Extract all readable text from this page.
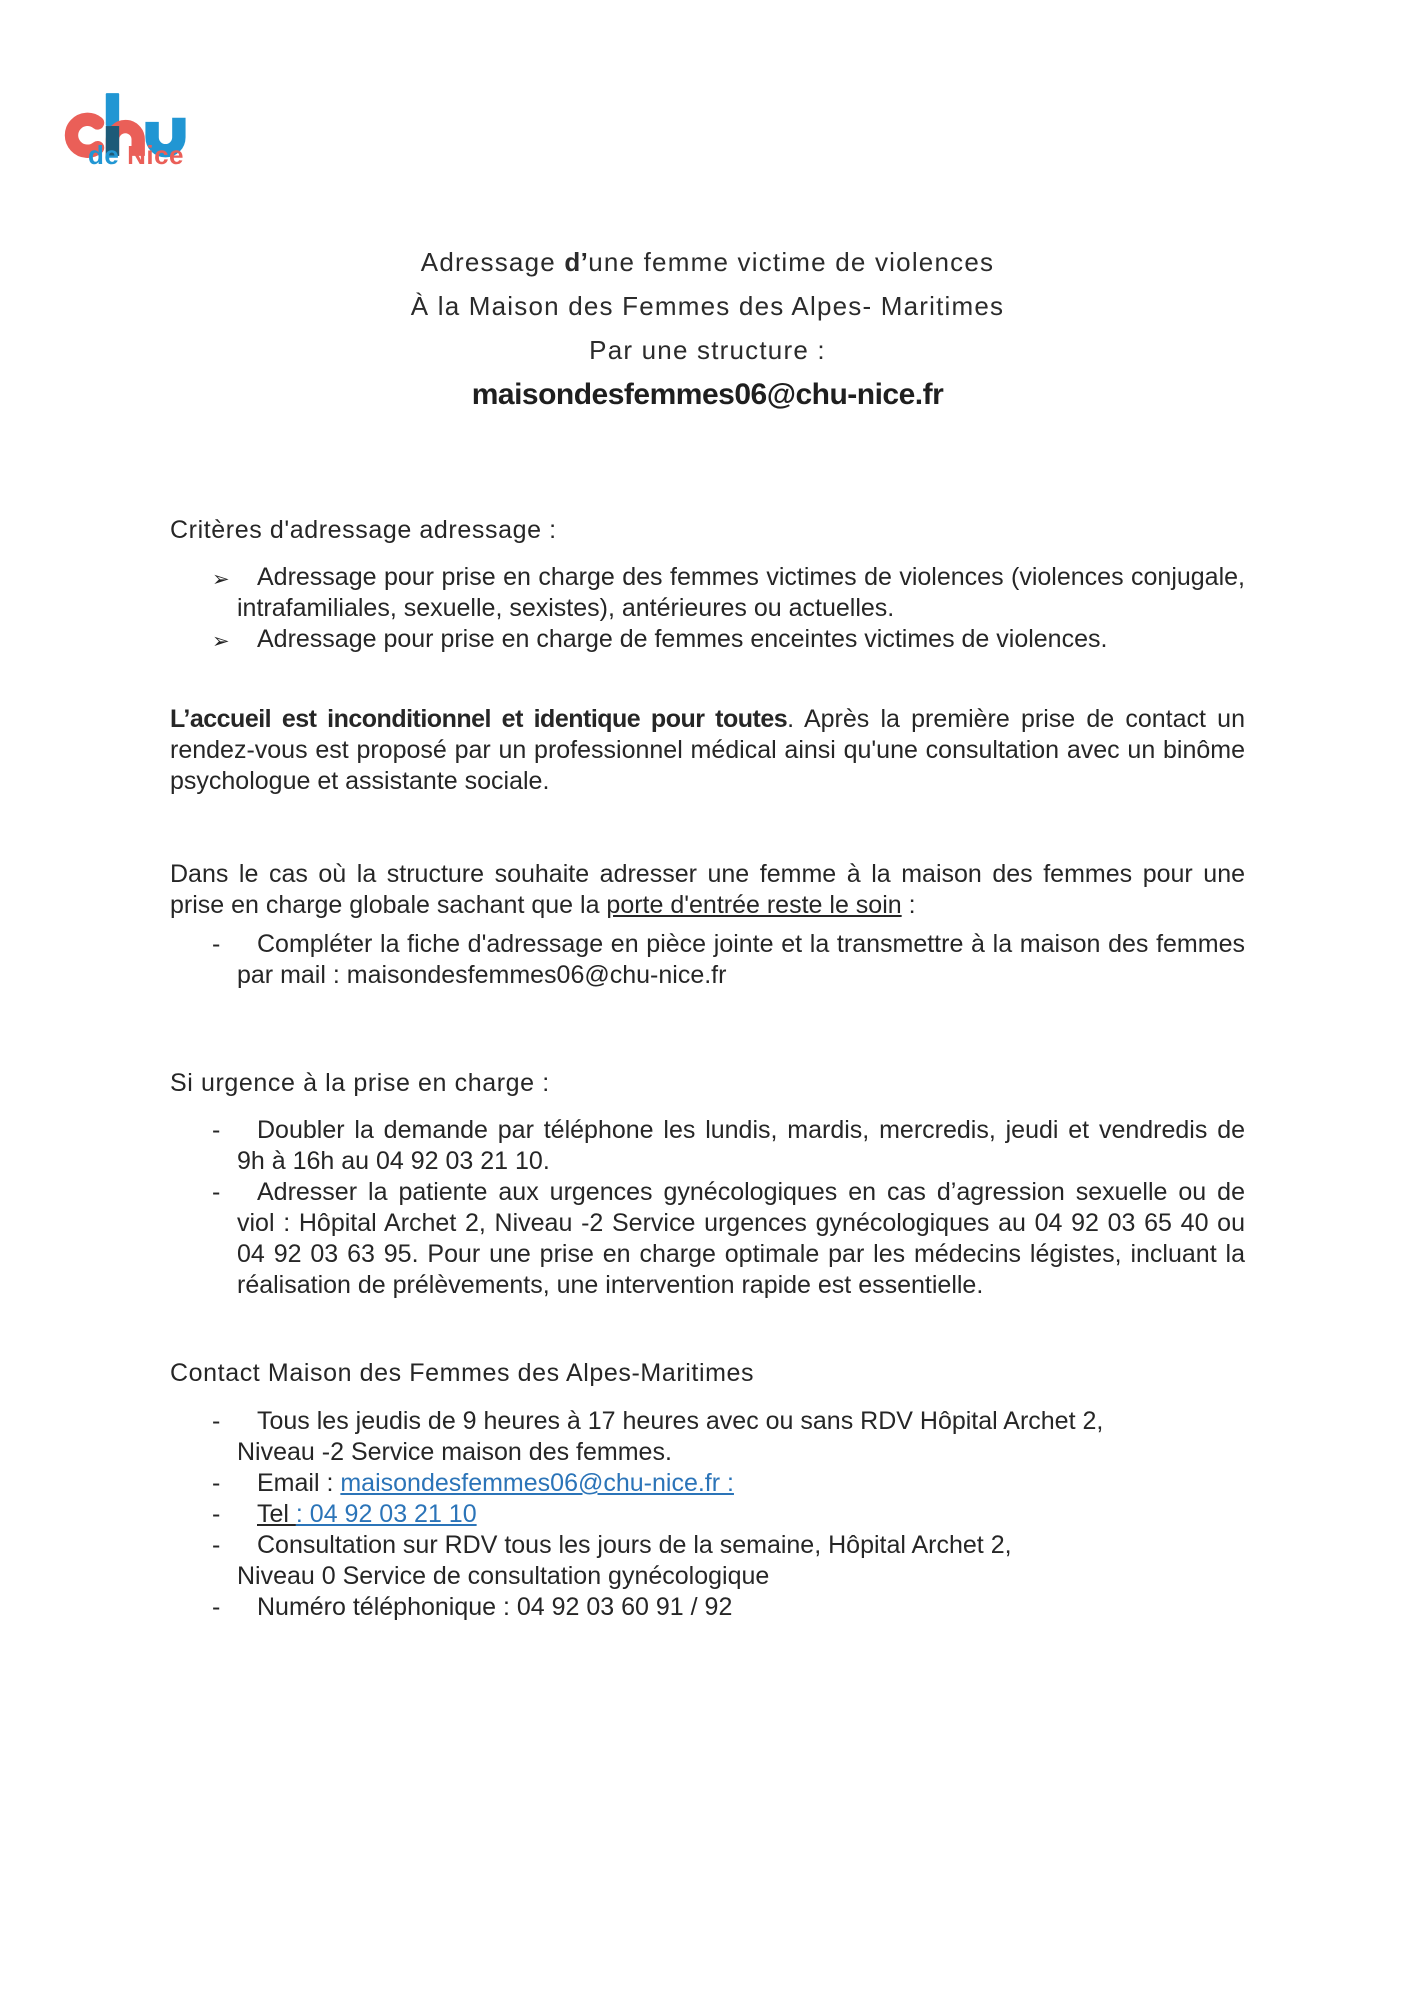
de Nice
Adressage d’une femme victime de violences
À la Maison des Femmes des Alpes- Maritimes
Par une structure :
maisondesfemmes06@chu-nice.fr
Critères d'adressage adressage :
➢	Adressage pour prise en charge des femmes victimes de violences (violences conjugale, intrafamiliales, sexuelle, sexistes), antérieures ou actuelles.
➢	Adressage pour prise en charge de femmes enceintes victimes de violences.
L’accueil est inconditionnel et identique pour toutes. Après la première prise de contact un rendez-vous est proposé par un professionnel médical ainsi qu'une consultation avec un binôme psychologue et assistante sociale.
Dans le cas où la structure souhaite adresser une femme à la maison des femmes pour une prise en charge globale sachant que la porte d'entrée reste le soin :
-	Compléter la fiche d'adressage en pièce jointe et la transmettre à la maison des femmes par mail : maisondesfemmes06@chu-nice.fr
Si urgence à la prise en charge :
-	Doubler la demande par téléphone les lundis, mardis, mercredis, jeudi et vendredis de 9h à 16h au 04 92 03 21 10.
-	Adresser la patiente aux urgences gynécologiques en cas d’agression sexuelle ou de viol : Hôpital Archet 2, Niveau -2 Service urgences gynécologiques au 04 92 03 65 40 ou 04 92 03 63 95. Pour une prise en charge optimale par les médecins légistes, incluant la réalisation de prélèvements, une intervention rapide est essentielle.
Contact Maison des Femmes des Alpes-Maritimes
-	Tous les jeudis de 9 heures à 17 heures avec ou sans RDV Hôpital Archet 2,
Niveau -2 Service maison des femmes.
-	Email : maisondesfemmes06@chu-nice.fr :
-	Tel : 04 92 03 21 10
-	Consultation sur RDV tous les jours de la semaine, Hôpital Archet 2,
Niveau 0 Service de consultation gynécologique
-	Numéro téléphonique : 04 92 03 60 91 / 92
